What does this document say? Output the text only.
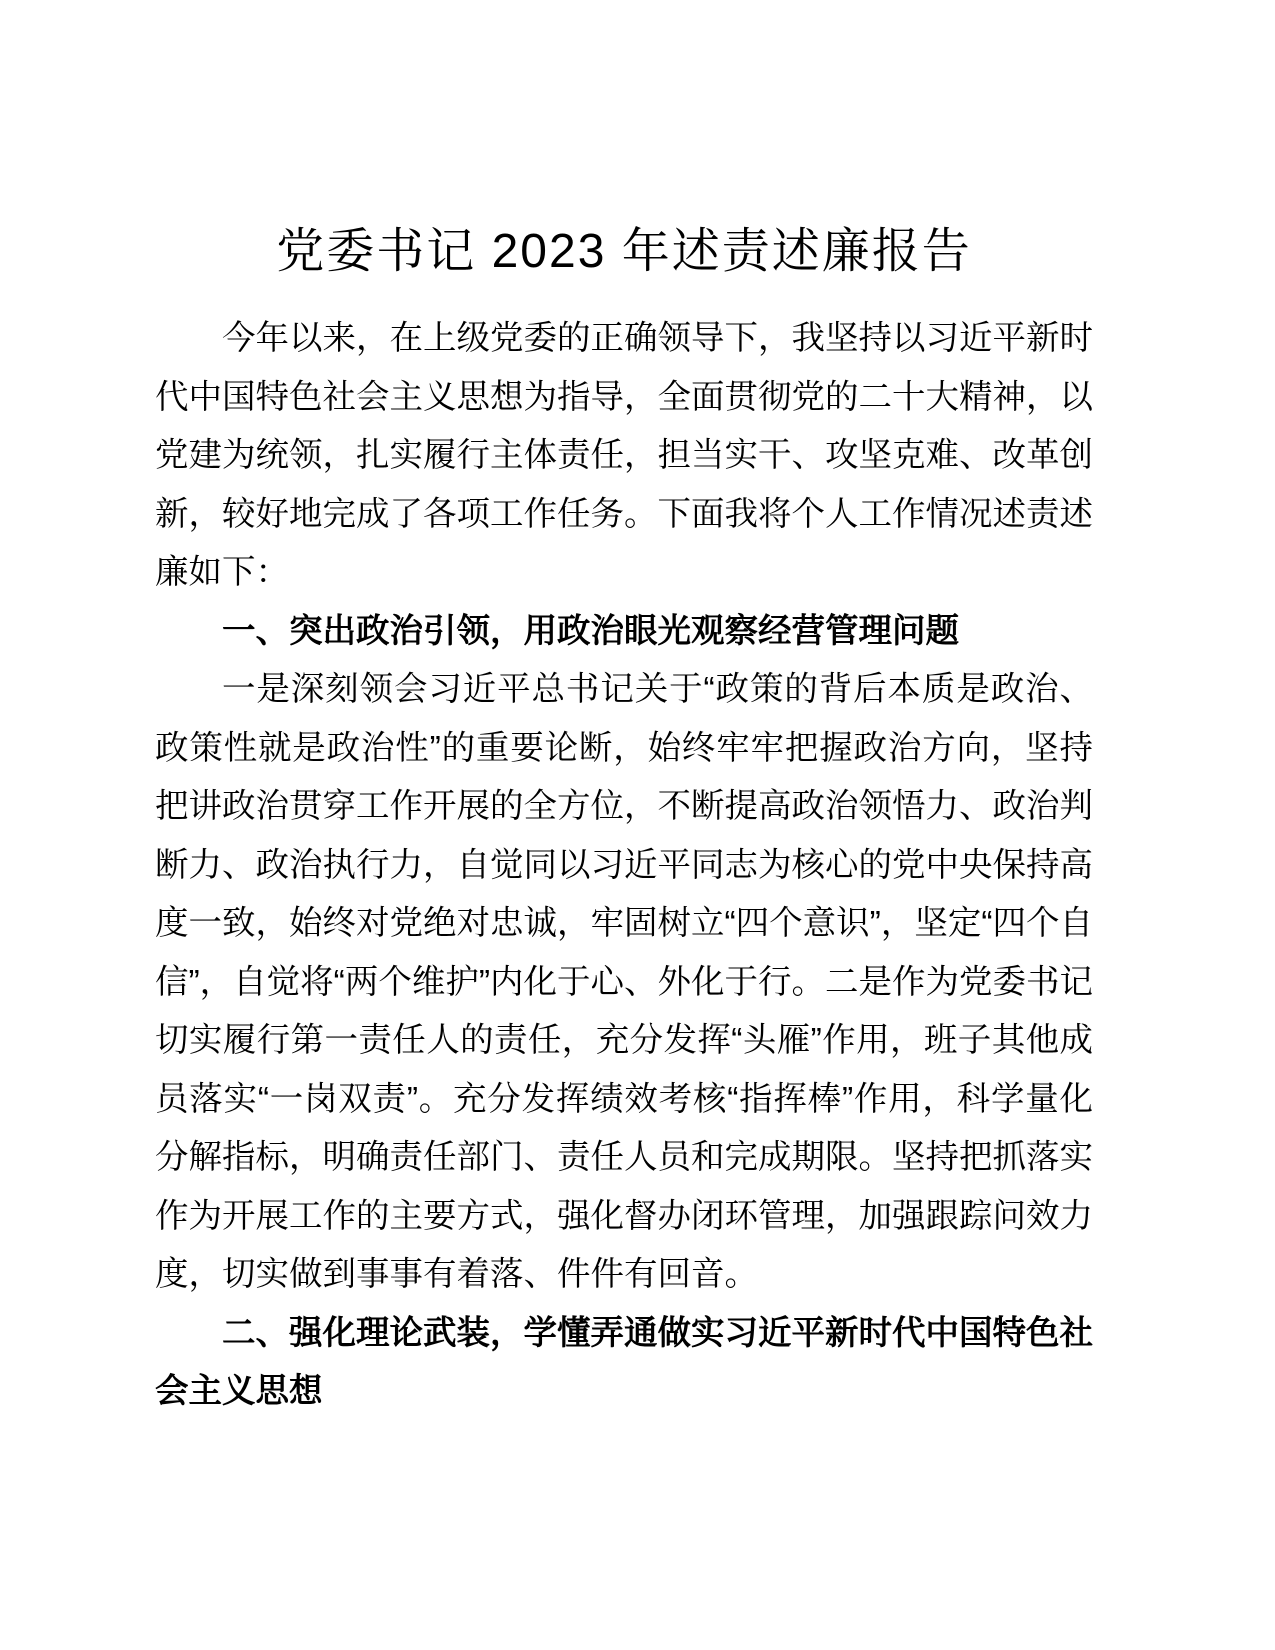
党委书记 2023 年述责述廉报告

今年以来，在上级党委的正确领导下，我坚持以习近平新时代中国特色社会主义思想为指导，全面贯彻党的二十大精神，以党建为统领，扎实履行主体责任，担当实干、攻坚克难、改革创新，较好地完成了各项工作任务。下面我将个人工作情况述责述廉如下：

一、突出政治引领，用政治眼光观察经营管理问题

一是深刻领会习近平总书记关于“政策的背后本质是政治、政策性就是政治性”的重要论断，始终牢牢把握政治方向，坚持把讲政治贯穿工作开展的全方位，不断提高政治领悟力、政治判断力、政治执行力，自觉同以习近平同志为核心的党中央保持高度一致，始终对党绝对忠诚，牢固树立“四个意识”，坚定“四个自信”，自觉将“两个维护”内化于心、外化于行。二是作为党委书记切实履行第一责任人的责任，充分发挥“头雁”作用，班子其他成员落实“一岗双责”。充分发挥绩效考核“指挥棒”作用，科学量化分解指标，明确责任部门、责任人员和完成期限。坚持把抓落实作为开展工作的主要方式，强化督办闭环管理，加强跟踪问效力度，切实做到事事有着落、件件有回音。

二、强化理论武装，学懂弄通做实习近平新时代中国特色社会主义思想
